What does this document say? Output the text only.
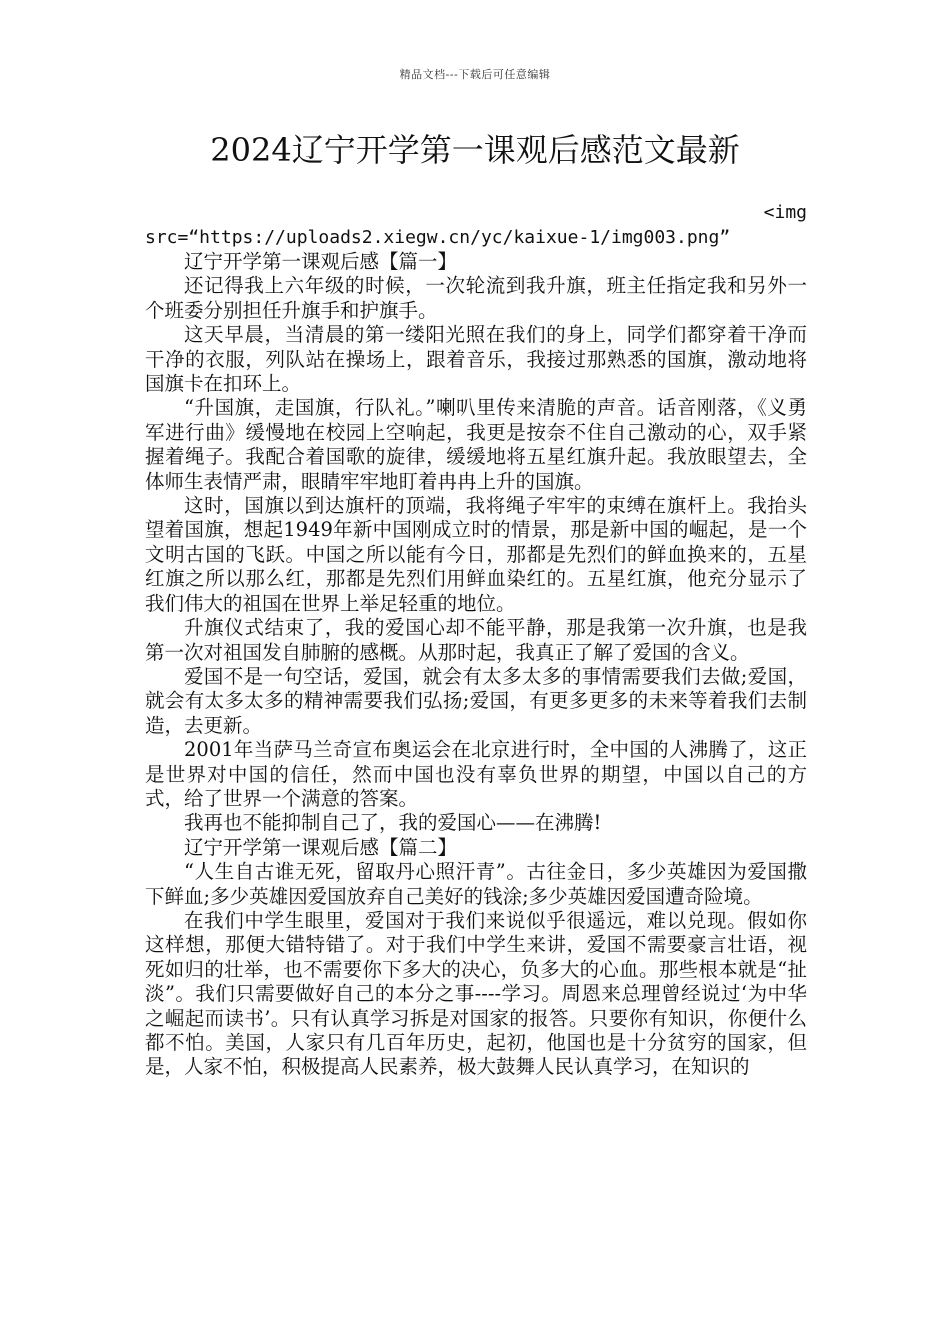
精品文档---下载后可任意编辑
2024辽宁开学第一课观后感范文最新

<img

src=“https://uploads2.xiegw.cn/yc/kaixue-1/img003.png”

辽宁开学第一课观后感【篇一】

还记得我上六年级的时候，一次轮流到我升旗，班主任指定我和另外一个班委分别担任升旗手和护旗手。

这天早晨，当清晨的第一缕阳光照在我们的身上，同学们都穿着干净而干净的衣服，列队站在操场上，跟着音乐，我接过那熟悉的国旗，激动地将国旗卡在扣环上。

“升国旗，走国旗，行队礼。”喇叭里传来清脆的声音。话音刚落，《义勇军进行曲》缓慢地在校园上空响起，我更是按奈不住自己激动的心，双手紧握着绳子。我配合着国歌的旋律，缓缓地将五星红旗升起。我放眼望去，全体师生表情严肃，眼睛牢牢地盯着冉冉上升的国旗。

这时，国旗以到达旗杆的顶端，我将绳子牢牢的束缚在旗杆上。我抬头望着国旗，想起1949年新中国刚成立时的情景，那是新中国的崛起，是一个文明古国的飞跃。中国之所以能有今日，那都是先烈们的鲜血换来的，五星红旗之所以那么红，那都是先烈们用鲜血染红的。五星红旗，他充分显示了我们伟大的祖国在世界上举足轻重的地位。

升旗仪式结束了，我的爱国心却不能平静，那是我第一次升旗，也是我第一次对祖国发自肺腑的感概。从那时起，我真正了解了爱国的含义。

爱国不是一句空话，爱国，就会有太多太多的事情需要我们去做;爱国，就会有太多太多的精神需要我们弘扬;爱国，有更多更多的未来等着我们去制造，去更新。

2001年当萨马兰奇宣布奥运会在北京进行时，全中国的人沸腾了，这正是世界对中国的信任，然而中国也没有辜负世界的期望，中国以自己的方式，给了世界一个满意的答案。

我再也不能抑制自己了，我的爱国心——在沸腾!

辽宁开学第一课观后感【篇二】

“人生自古谁无死，留取丹心照汗青”。古往金日，多少英雄因为爱国撒下鲜血;多少英雄因爱国放弃自己美好的钱涂;多少英雄因爱国遭奇险境。

在我们中学生眼里，爱国对于我们来说似乎很遥远，难以兑现。假如你这样想，那便大错特错了。对于我们中学生来讲，爱国不需要豪言壮语，视死如归的壮举，也不需要你下多大的决心，负多大的心血。那些根本就是“扯淡”。我们只需要做好自己的本分之事----学习。周恩来总理曾经说过‘为中华之崛起而读书’。只有认真学习拆是对国家的报答。只要你有知识，你便什么都不怕。美国，人家只有几百年历史，起初，他国也是十分贫穷的国家，但是，人家不怕，积极提高人民素养，极大鼓舞人民认真学习，在知识的
